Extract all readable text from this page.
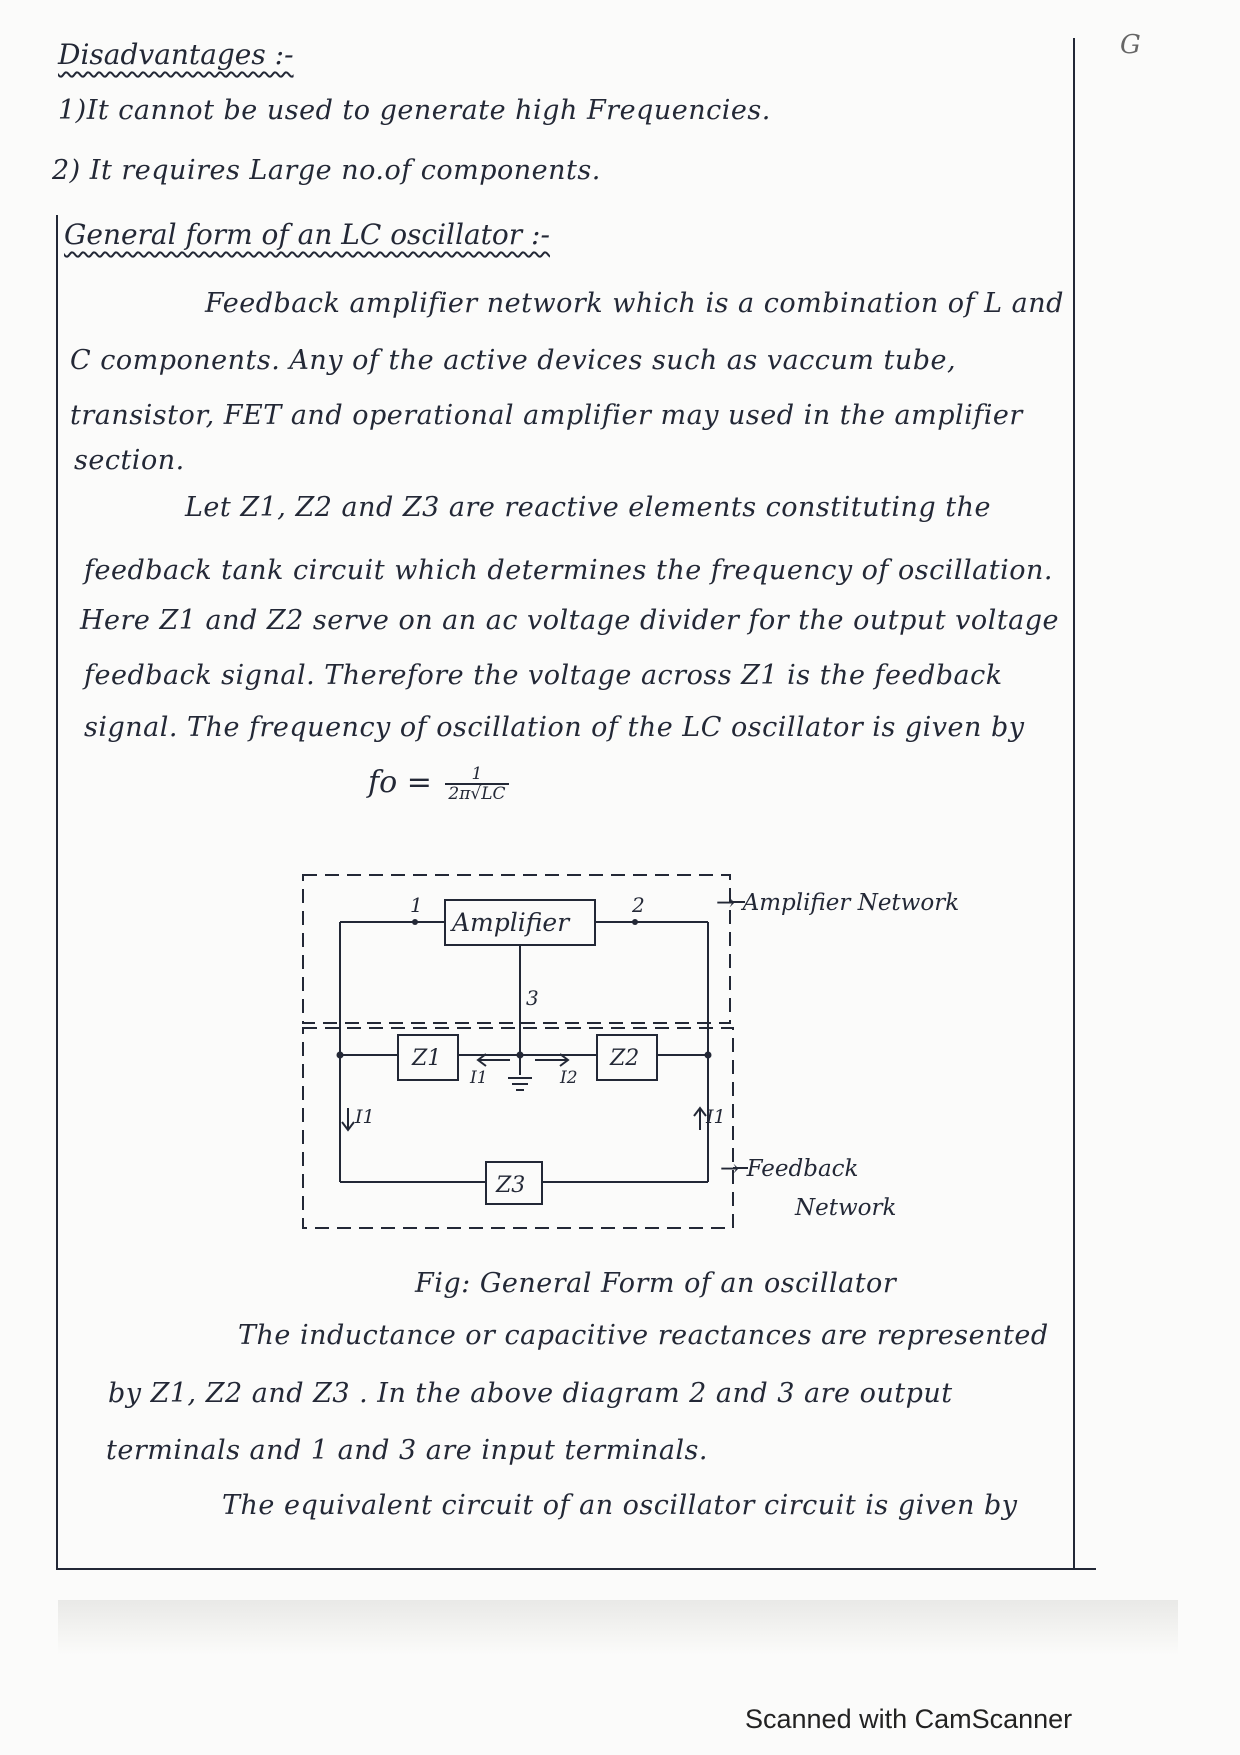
G
Disadvantages :-
1)It cannot be used to generate high Frequencies.
2) It requires Large no.of components.
General form of an LC oscillator :-
Feedback amplifier network which is a combination of L and
C components. Any of the active devices such as vaccum tube,
transistor, FET and operational amplifier may used in the amplifier
section.
Let Z1, Z2 and Z3 are reactive elements constituting the
feedback tank circuit which determines the frequency of oscillation.
Here Z1 and Z2 serve on an ac voltage divider for the output voltage
feedback signal. Therefore the voltage across Z1 is the feedback
signal. The frequency of oscillation of the LC oscillator is given by
fo = $\frac{1}{2\pi√LC}$
1	2
3
Amplifier
Z1	Z2
Z3
I1	I2
I1	I1
→ Amplifier Network
→ Feedback
Network
Fig: General Form of an oscillator
The inductance or capacitive reactances are represented
by Z1, Z2 and Z3 . In the above diagram 2 and 3 are output
terminals and 1 and 3 are input terminals.
The equivalent circuit of an oscillator circuit is given by
Scanned with CamScanner
